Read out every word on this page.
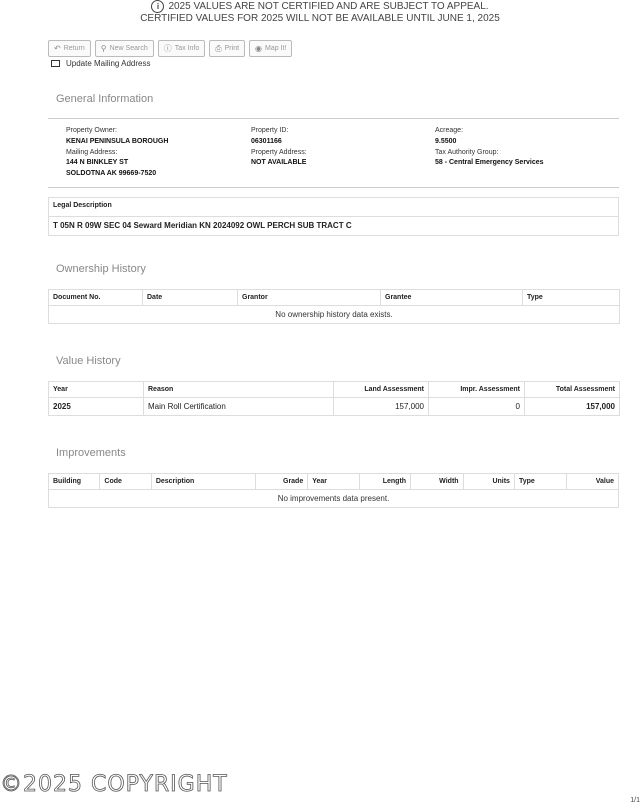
i 2025 VALUES ARE NOT CERTIFIED AND ARE SUBJECT TO APPEAL.
CERTIFIED VALUES FOR 2025 WILL NOT BE AVAILABLE UNTIL JUNE 1, 2025
↶ Return ⚲ New Search ⓘ Tax Info ⎙ Print ◉ Map It!
Update Mailing Address
General Information
Property Owner:
KENAI PENINSULA BOROUGH
Mailing Address:
144 N BINKLEY ST
SOLDOTNA AK 99669-7520
Property ID:
06301166
Property Address:
NOT AVAILABLE
Acreage:
9.5500
Tax Authority Group:
58 - Central Emergency Services
Legal Description
T 05N R 09W SEC 04 Seward Meridian KN 2024092 OWL PERCH SUB TRACT C
Ownership History
Document No.	Date	Grantor	Grantee	Type
No ownership history data exists.
Value History
Year	Reason	Land Assessment	Impr. Assessment	Total Assessment
2025	Main Roll Certification	157,000	0	157,000
Improvements
Building	Code	Description	Grade	Year	Length	Width	Units	Type	Value
No improvements data present.
©2025 COPYRIGHT
1/1
